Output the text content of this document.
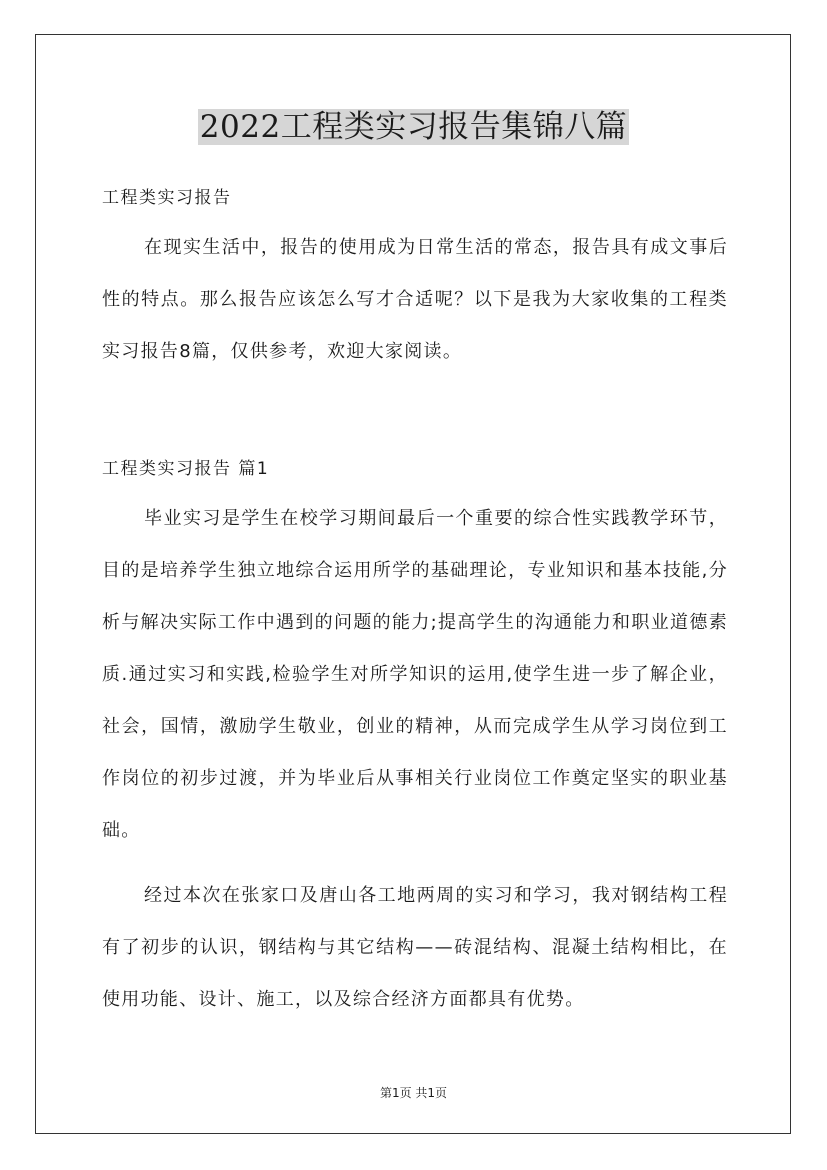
2022工程类实习报告集锦八篇
工程类实习报告

在现实生活中，报告的使用成为日常生活的常态，报告具有成文事后性的特点。那么报告应该怎么写才合适呢？以下是我为大家收集的工程类实习报告8篇，仅供参考，欢迎大家阅读。

工程类实习报告 篇1

毕业实习是学生在校学习期间最后一个重要的综合性实践教学环节，目的是培养学生独立地综合运用所学的基础理论，专业知识和基本技能,分析与解决实际工作中遇到的问题的能力;提高学生的沟通能力和职业道德素质.通过实习和实践,检验学生对所学知识的运用,使学生进一步了解企业，社会，国情，激励学生敬业，创业的精神，从而完成学生从学习岗位到工作岗位的初步过渡，并为毕业后从事相关行业岗位工作奠定坚实的职业基础。

经过本次在张家口及唐山各工地两周的实习和学习，我对钢结构工程有了初步的认识，钢结构与其它结构——砖混结构、混凝土结构相比，在使用功能、设计、施工，以及综合经济方面都具有优势。

第1页 共1页
